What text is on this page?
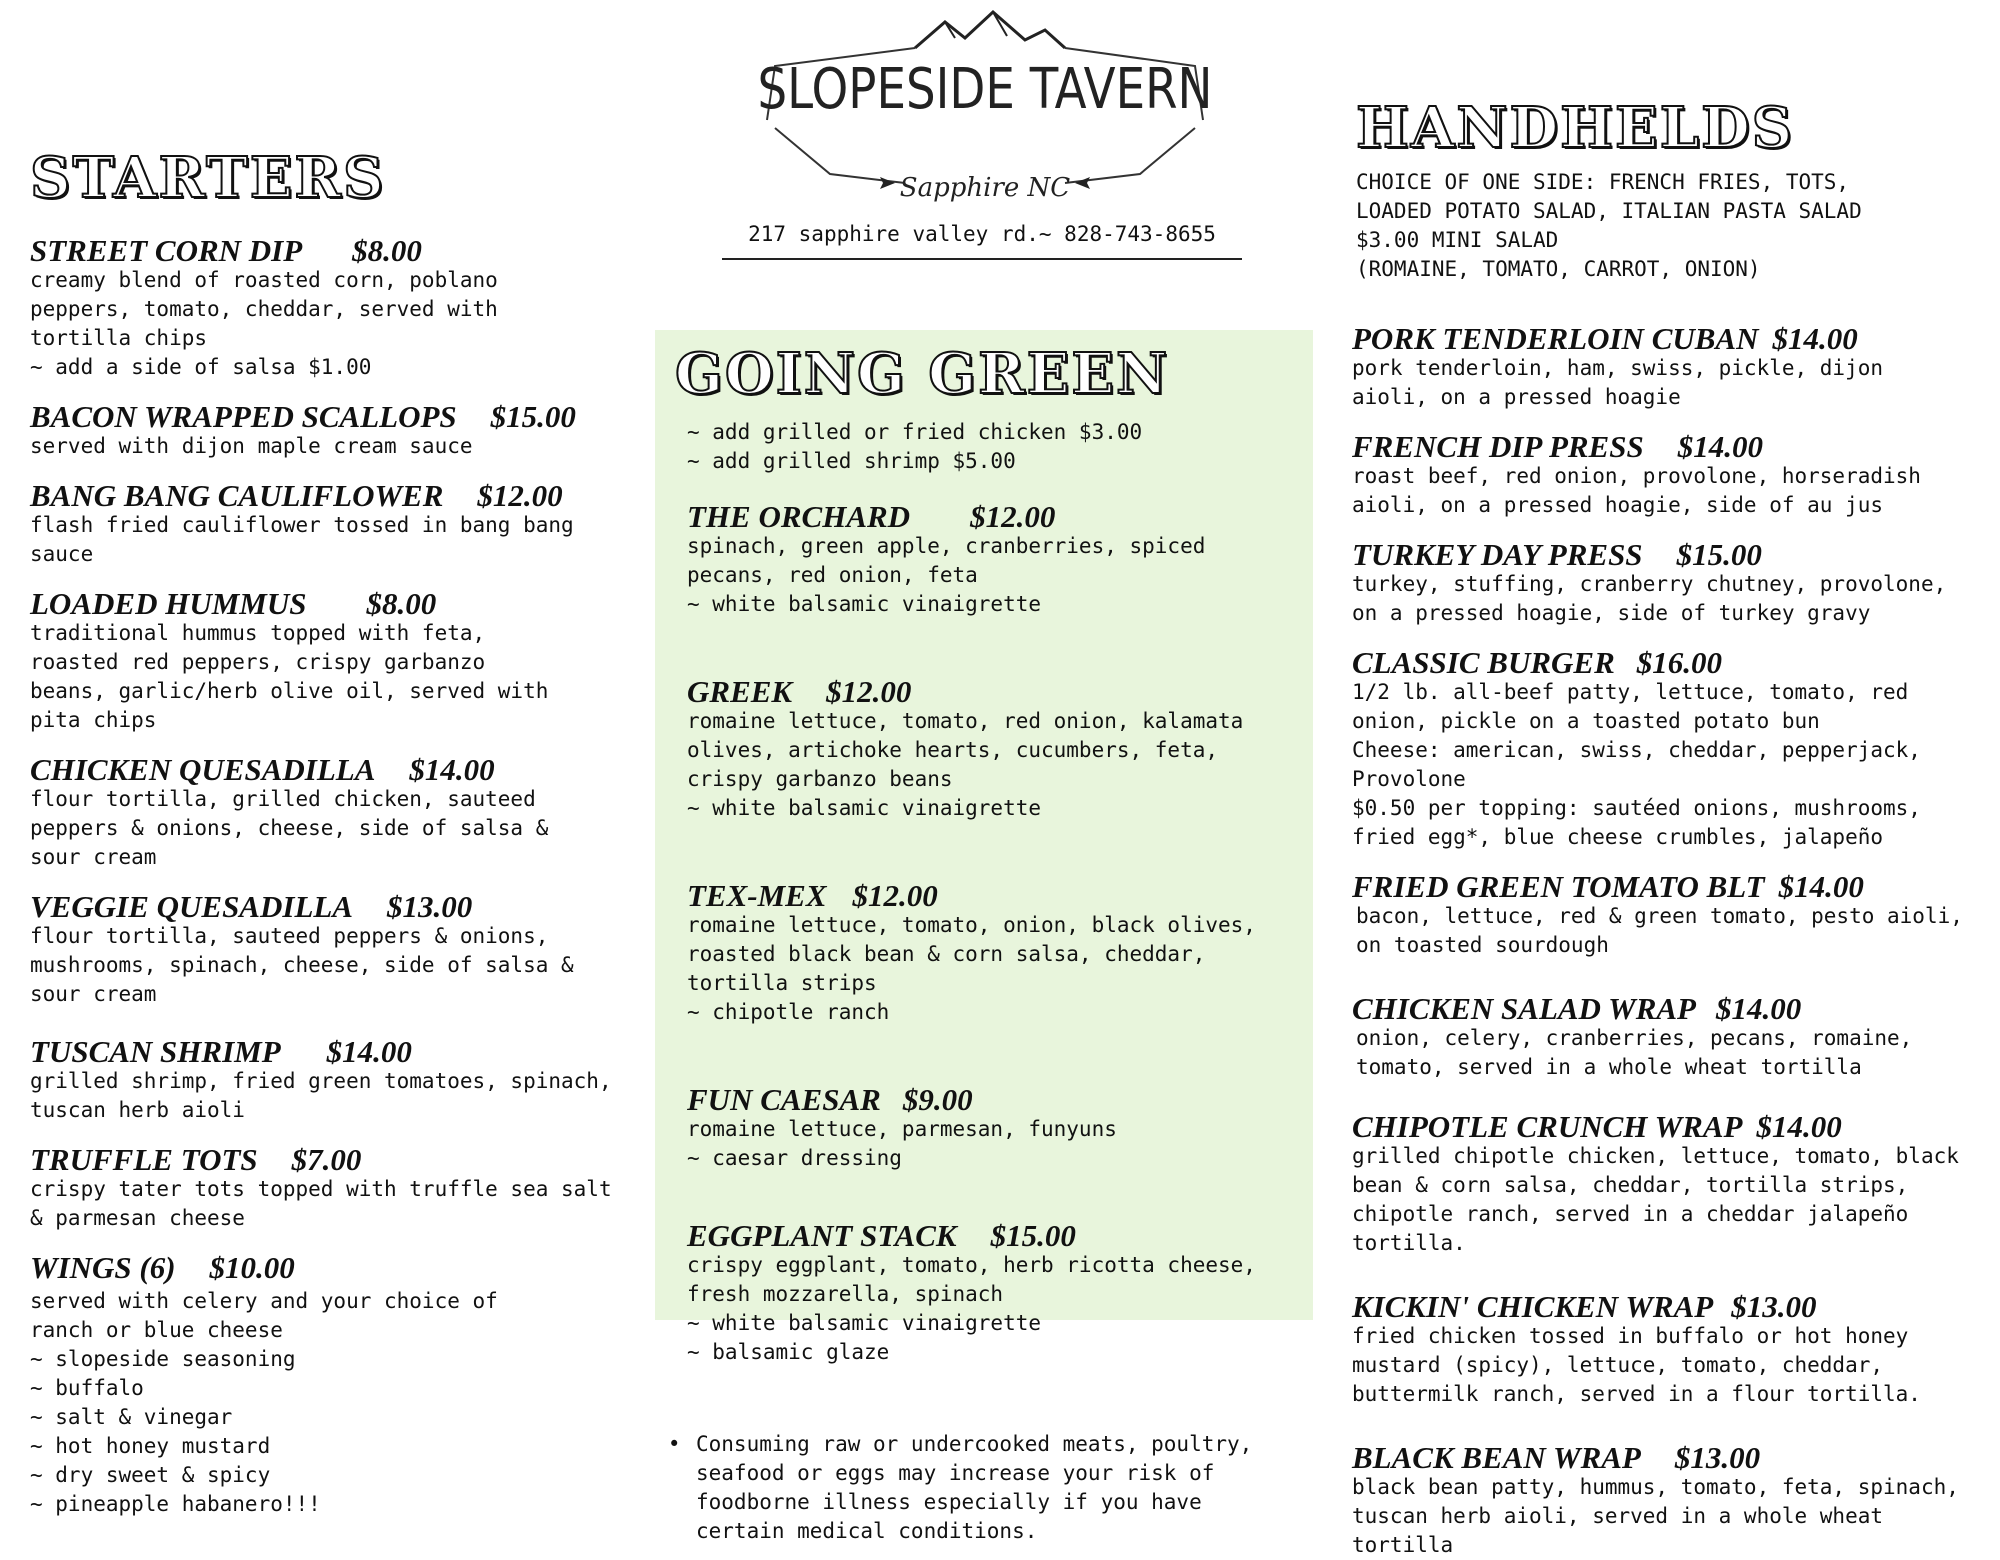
SLOPESIDE TAVERN
Sapphire NC
217 sapphire valley rd.~ 828-743-8655
STARTERS
STREET CORN DIP $8.00

creamy blend of roasted corn, poblano
peppers, tomato, cheddar, served with
tortilla chips
~ add a side of salsa $1.00

BACON WRAPPED SCALLOPS $15.00

served with dijon maple cream sauce

BANG BANG CAULIFLOWER $12.00

flash fried cauliflower tossed in bang bang
sauce

LOADED HUMMUS $8.00

traditional hummus topped with feta,
roasted red peppers, crispy garbanzo
beans, garlic/herb olive oil, served with
pita chips

CHICKEN QUESADILLA $14.00

flour tortilla, grilled chicken, sauteed
peppers & onions, cheese, side of salsa &
sour cream

VEGGIE QUESADILLA $13.00

flour tortilla, sauteed peppers & onions,
mushrooms, spinach, cheese, side of salsa &
sour cream

TUSCAN SHRIMP $14.00

grilled shrimp, fried green tomatoes, spinach,
tuscan herb aioli

TRUFFLE TOTS $7.00

crispy tater tots topped with truffle sea salt
& parmesan cheese

WINGS (6) $10.00

served with celery and your choice of
ranch or blue cheese
~ slopeside seasoning
~ buffalo
~ salt & vinegar
~ hot honey mustard
~ dry sweet & spicy
~ pineapple habanero!!!

GOING GREEN
~ add grilled or fried chicken $3.00
~ add grilled shrimp $5.00
THE ORCHARD $12.00

spinach, green apple, cranberries, spiced
pecans, red onion, feta
~ white balsamic vinaigrette

GREEK $12.00

romaine lettuce, tomato, red onion, kalamata
olives, artichoke hearts, cucumbers, feta,
crispy garbanzo beans
~ white balsamic vinaigrette

TEX-MEX $12.00

romaine lettuce, tomato, onion, black olives,
roasted black bean & corn salsa, cheddar,
tortilla strips
~ chipotle ranch

FUN CAESAR $9.00

romaine lettuce, parmesan, funyuns
~ caesar dressing

EGGPLANT STACK $15.00

crispy eggplant, tomato, herb ricotta cheese,
fresh mozzarella, spinach
~ white balsamic vinaigrette
~ balsamic glaze

• Consuming raw or undercooked meats, poultry,
seafood or eggs may increase your risk of
foodborne illness especially if you have
certain medical conditions.

HANDHELDS

CHOICE OF ONE SIDE: FRENCH FRIES, TOTS,
LOADED POTATO SALAD, ITALIAN PASTA SALAD
$3.00 MINI SALAD
(ROMAINE, TOMATO, CARROT, ONION)

PORK TENDERLOIN CUBAN $14.00

pork tenderloin, ham, swiss, pickle, dijon
aioli, on a pressed hoagie

FRENCH DIP PRESS $14.00

roast beef, red onion, provolone, horseradish
aioli, on a pressed hoagie, side of au jus

TURKEY DAY PRESS $15.00

turkey, stuffing, cranberry chutney, provolone,
on a pressed hoagie, side of turkey gravy

CLASSIC BURGER $16.00

1/2 lb. all-beef patty, lettuce, tomato, red
onion, pickle on a toasted potato bun
Cheese: american, swiss, cheddar, pepperjack,
Provolone
$0.50 per topping: sautéed onions, mushrooms,
fried egg*, blue cheese crumbles, jalapeño

FRIED GREEN TOMATO BLT $14.00

bacon, lettuce, red & green tomato, pesto aioli,
on toasted sourdough

CHICKEN SALAD WRAP $14.00

onion, celery, cranberries, pecans, romaine,
tomato, served in a whole wheat tortilla

CHIPOTLE CRUNCH WRAP $14.00

grilled chipotle chicken, lettuce, tomato, black
bean & corn salsa, cheddar, tortilla strips,
chipotle ranch, served in a cheddar jalapeño
tortilla.

KICKIN' CHICKEN WRAP $13.00

fried chicken tossed in buffalo or hot honey
mustard (spicy), lettuce, tomato, cheddar,
buttermilk ranch, served in a flour tortilla.

BLACK BEAN WRAP $13.00

black bean patty, hummus, tomato, feta, spinach,
tuscan herb aioli, served in a whole wheat
tortilla
